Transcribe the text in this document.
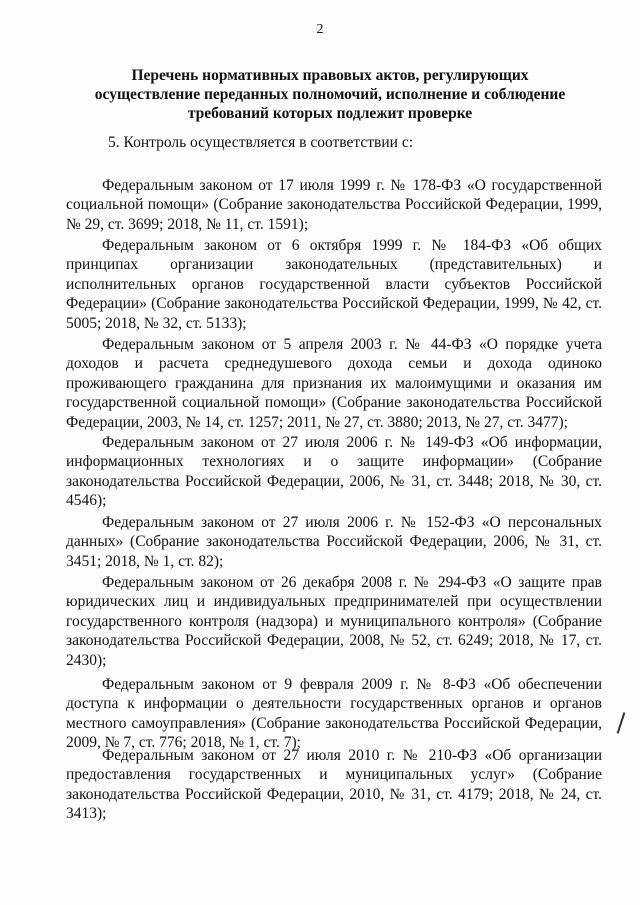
2
Перечень нормативных правовых актов, регулирующих
осуществление переданных полномочий, исполнение и соблюдение
требований которых подлежит проверке
5. Контроль осуществляется в соответствии с:

Федеральным законом от 17 июля 1999 г. № 178-ФЗ «О государственной социальной помощи» (Собрание законодательства Российской Федерации, 1999, № 29, ст. 3699; 2018, № 11, ст. 1591);

Федеральным законом от 6 октября 1999 г. № 184-ФЗ «Об общих принципах организации законодательных (представительных) и исполнительных органов государственной власти субъектов Российской Федерации» (Собрание законодательства Российской Федерации, 1999, № 42, ст. 5005; 2018, № 32, ст. 5133);

Федеральным законом от 5 апреля 2003 г. № 44-ФЗ «О порядке учета доходов и расчета среднедушевого дохода семьи и дохода одиноко проживающего гражданина для признания их малоимущими и оказания им государственной социальной помощи» (Собрание законодательства Российской Федерации, 2003, № 14, ст. 1257; 2011, № 27, ст. 3880; 2013, № 27, ст. 3477);

Федеральным законом от 27 июля 2006 г. № 149-ФЗ «Об информации, информационных технологиях и о защите информации» (Собрание законодательства Российской Федерации, 2006, № 31, ст. 3448; 2018, № 30, ст. 4546);

Федеральным законом от 27 июля 2006 г. № 152-ФЗ «О персональных данных» (Собрание законодательства Российской Федерации, 2006, № 31, ст. 3451; 2018, № 1, ст. 82);

Федеральным законом от 26 декабря 2008 г. № 294-ФЗ «О защите прав юридических лиц и индивидуальных предпринимателей при осуществлении государственного контроля (надзора) и муниципального контроля» (Собрание законодательства Российской Федерации, 2008, № 52, ст. 6249; 2018, № 17, ст. 2430);

Федеральным законом от 9 февраля 2009 г. № 8-ФЗ «Об обеспечении доступа к информации о деятельности государственных органов и органов местного самоуправления» (Собрание законодательства Российской Федерации, 2009, № 7, ст. 776; 2018, № 1, ст. 7);

Федеральным законом от 27 июля 2010 г. № 210-ФЗ «Об организации предоставления государственных и муниципальных услуг» (Собрание законодательства Российской Федерации, 2010, № 31, ст. 4179; 2018, № 24, ст. 3413);
